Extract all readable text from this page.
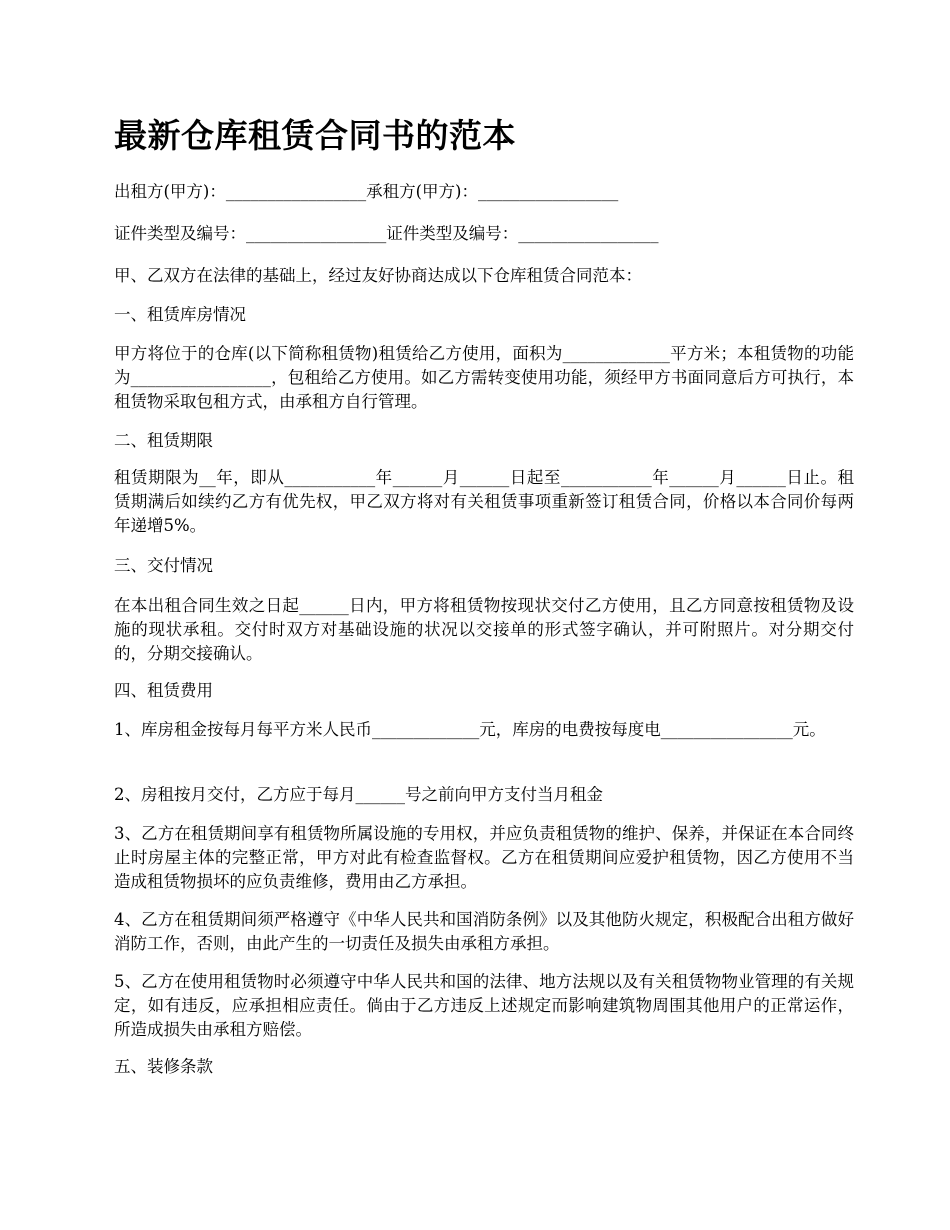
最新仓库租赁合同书的范本

出租方(甲方)：_________________承租方(甲方)：_________________

证件类型及编号：_________________证件类型及编号：_________________

甲、乙双方在法律的基础上，经过友好协商达成以下仓库租赁合同范本：

一、租赁库房情况

甲方将位于的仓库(以下简称租赁物)租赁给乙方使用，面积为_____________平方米；本租赁物的功能为_________________，包租给乙方使用。如乙方需转变使用功能，须经甲方书面同意后方可执行，本租赁物采取包租方式，由承租方自行管理。

二、租赁期限

租赁期限为__年，即从___________年______月______日起至___________年______月______日止。租赁期满后如续约乙方有优先权，甲乙双方将对有关租赁事项重新签订租赁合同，价格以本合同价每两年递增5%。

三、交付情况

在本出租合同生效之日起______日内，甲方将租赁物按现状交付乙方使用，且乙方同意按租赁物及设施的现状承租。交付时双方对基础设施的状况以交接单的形式签字确认，并可附照片。对分期交付的，分期交接确认。

四、租赁费用

1、库房租金按每月每平方米人民币_____________元，库房的电费按每度电________________元。

2、房租按月交付，乙方应于每月______号之前向甲方支付当月租金

3、乙方在租赁期间享有租赁物所属设施的专用权，并应负责租赁物的维护、保养，并保证在本合同终止时房屋主体的完整正常，甲方对此有检查监督权。乙方在租赁期间应爱护租赁物，因乙方使用不当造成租赁物损坏的应负责维修，费用由乙方承担。

4、乙方在租赁期间须严格遵守《中华人民共和国消防条例》以及其他防火规定，积极配合出租方做好消防工作，否则，由此产生的一切责任及损失由承租方承担。

5、乙方在使用租赁物时必须遵守中华人民共和国的法律、地方法规以及有关租赁物物业管理的有关规定，如有违反，应承担相应责任。倘由于乙方违反上述规定而影响建筑物周围其他用户的正常运作，所造成损失由承租方赔偿。

五、装修条款
